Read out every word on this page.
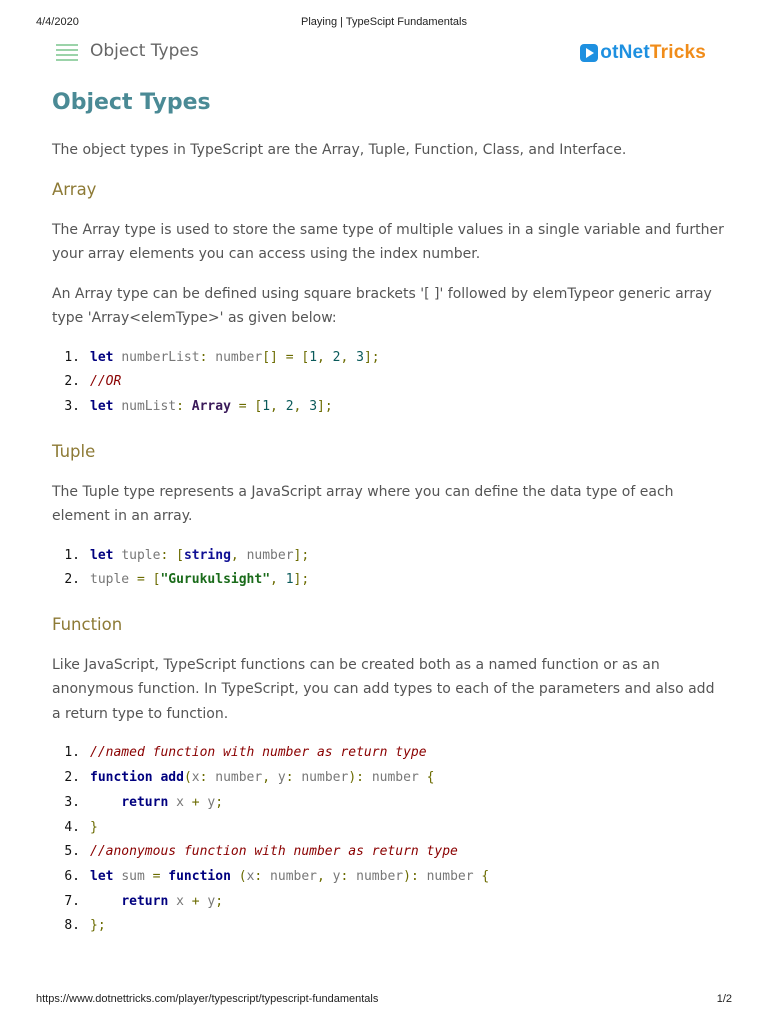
4/4/2020	Playing | TypeScipt Fundamentals
Object Types	otNetTricks
Object Types

The object types in TypeScript are the Array, Tuple, Function, Class, and Interface.

Array

The Array type is used to store the same type of multiple values in a single variable and further your array elements you can access using the index number.

An Array type can be defined using square brackets '[ ]' followed by elemTypeor generic array type 'Array<elemType>' as given below:

1. let numberList: number[] = [1, 2, 3];
2. //OR
3. let numList: Array = [1, 2, 3];
Tuple

The Tuple type represents a JavaScript array where you can define the data type of each element in an array.

1. let tuple: [string, number];
2. tuple = ["Gurukulsight", 1];
Function

Like JavaScript, TypeScript functions can be created both as a named function or as an anonymous function. In TypeScript, you can add types to each of the parameters and also add a return type to function.

1. //named function with number as return type
2. function add(x: number, y: number): number {
3.	return x + y;
4. }
5. //anonymous function with number as return type
6. let sum = function (x: number, y: number): number {
7.	return x + y;
8. };
https://www.dotnettricks.com/player/typescript/typescript-fundamentals	1/2
